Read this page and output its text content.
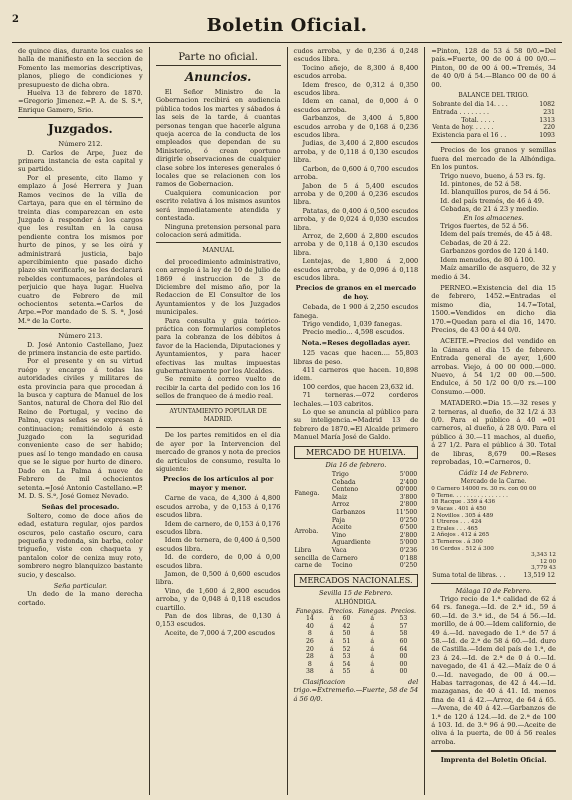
2	Boletin Oficial.

de quince dias, durante los cuales se halla de manifiesto en la seccion de Fomento las memorias descriptivas, planos, pliego de condiciones y presupuesto de dicha obra.

Huelva 13 de febrero de 1870. =Gregorio Jimenez.=P. A. de S. S.ª, Enrique Gamero, Srio.

Juzgados.
Número 212.

D. Carlos de Arpe, Juez de primera instancia de esta capital y su partido.

Por el presente, cito llamo y emplazo á José Herrera y Juan Ramos vecinos de la villa de Cartaya, para que en el término de treinta dias comparezcan en este Juzgado á responder á los cargos que les resultan en la causa pendiente contra los mismos por hurto de pinos, y se les oirá y administrará justicia, bajo apercibimiento que pasado dicho plazo sin verificarlo, se les declarará rebeldes contumaces, parándoles el perjuicio que haya lugar. Huelva cuatro de Febrero de mil ochocientos setenta.=Carlos de Arpe.=Por mandado de S. S. ª, José M.ª de la Corte.

Número 213.

D. José Antonio Castellano, Juez de primera instancia de este partido.

Por el presente y en su virtud ruégo y encargo á todas las autoridades civiles y militares de esta provincia para que procedan á la busca y captura de Manuel de los Santos, natural de Chora del Rio del Reino de Portugal, y vecino de Palma, cuyas señas se expresan á continuacion; remitiéndolo á este Juzgado con la seguridad conveniente caso de ser habido; pues así lo tengo mandado en causa que se le sigue por hurto de dinero. Dado en La Palma á nueve de Febrero de mil ochocientos setenta.=José Antonio Castellano.=P. M. D. S. S.ª, José Gomez Nevado.

Señas del procesado.

Soltero, como de doce años de edad, estatura regular, ojos pardos oscuros, pelo castaño oscuro, cara pequeña y redonda, sin barba, color trigueño, viste con chaqueta y pantalon color de ceniza muy roto, sombrero negro blanquizco bastante sucio, y descalso.

Seña particular.

Un dedo de la mano derecha cortado.

Parte no oficial.
Anuncios.

El Señor Ministro de la Gobernacion recibirá en audiencia pública todos los martes y sábados á las seis de la tarde, á cuantas personas tengan que hacerle alguna queja acerca de la conducta de los empleados que dependan de su Ministerio, ó crean oportuno dirigirle observaciones de cualquier clase sobre los intereses generales ó locales que se relacionen con los ramos de Gobernacion.

Cualquiera comunicacion por escrito relativa á los mismos asuntos será inmediatamente atendida y contestada.

Ninguna pretension personal para colocacion será admitida.

MANUAL

del procedimiento administrativo, con arreglo á la ley de 10 de Julio de 1869 é instruccion de 3 de Diciembre del mismo año, por la Redaccion de El Consultor de los Ayuntamientos y de los Juzgados municipales.

Para consulta y guia teórico-práctica con formularios completos para la cobranza de los débitos á favor de la Hacienda, Diputaciones y Ayuntamientos, y para hacer efectivas las multas impuestas gubernativamente por los Alcaldes.

Se remite á correo vuelto de recibir la carta del pedido con los 16 sellos de franqueo de á medio real.

AYUNTAMIENTO POPULAR DE
MADRID.

De los partes remitidos en el dia de ayer por la Intervencion del mercado de granos y nota de precios de artículos de consumo, resulta lo siguiente:

Precios de los artículos al por mayor y menor.

Carne de vaca, de 4,300 á 4,800 escudos arroba, y de 0,153 á 0,176 escudos libra.

Idem de carnero, de 0,153 á 0,176 escudos libra.

Idem de ternera, de 0,400 á 0,500 escudos libra.

Id. de cordero, de 0,00 á 0,00 escudos libra.

Jamon, de 0,500 á 0,600 escudos libra.

Vino, de 1,600 á 2,800 escudos arroba, y de 0,048 á 0,118 escudos cuartillo.

Pan de dos libras, de 0,130 á 0,153 escudos.

Aceite, de 7,000 á 7,200 escudos

cudos arroba, y de 0,236 á 0,248 escudos libra.

Tocino añejo, de 8,300 á 8,400 escudos arroba.

Idem fresco, de 0,312 á 0,350 escudos libra.

Idem en canal, de 0,000 á 0 escudos arroba.

Garbanzos, de 3,400 á 5,800 escudos arroba y de 0,168 á 0,236 escudos libra.

Judias, de 3,400 á 2,800 escudos arroba, y de 0,118 á 0,130 escudos libra.

Carbon, de 0,600 á 0,700 escudos arroba.

Jabon de 5 á 5,400 escudos arroba y de 0,200 á 0,236 escudos libra.

Patatas, de 0,400 á 0,500 escudos arroba, y de 0,024 á 0,030 escudos libra.

Arroz, de 2,600 á 2,800 escudos arroba y de 0,118 á 0,130 escudos libra.

Lentejas, de 1,800 á 2,000 escudos arroba, y de 0,096 á 0,118 escudos libra.

Precios de granos en el mercado de hoy.

Cebada, de 1 900 á 2,250 escudos fanega.

Trigo vendido, 1,039 fanegas.

Precio medio... 4,598 escudos.

Nota.=Reses degolladas ayer.

125 vacas que hacen.... 55,803 libras de peso.

411 carneros que hacen. 10,898 idem.

100 cerdos, que hacen 23,632 id.

71 terneras.—072 corderos lechales.—103 cabritos.

Lo que se anuncia al público para su inteligencia.=Madrid 13 de febrero de 1870.=El Alcalde primero Manuel María José de Galdo.

MERCADO DE HUELVA.
Dia 16 de febrero.
Fanega.	Trigo	5'000
	Cebada	2'400
	Centeno	00'000
	Maiz	3'800
	Arroz	2'800
	Garbanzos	11'500
Arroba.	Paja	0'250
	Aceite	6'500
	Vino	2'800
	Aguardiente	5'000
Libra sencilla de carne de	Vaca	0'236
	Carnero	0'188
	Tocino	0'250
MERCADOS NACIONALES.
Sevilla 15 de Febrero.
ALHÓNDIGA.
Fanegas.	Precios.		Fanegas.	Precios.
14	á	60	á	53
40	á	42	á	57
8	á	50	á	58
26	á	51	á	60
20	á	52	á	64
28	á	53	á	00
8	á	54	á	00
38	á	55	á	00

Clasificacion del trigo.=Extremeño.—Fuerte, 58 de 54 á 56 0/0.

=Pinton, 128 de 53 á 58 0/0.=Del país.=Fuerte, 00 de 00 á 00 0/0.—Pinton, 00 de 00 á 00.=Tremés, 34 de 40 0/0 á 54.—Blanco 00 de 00 á 00.

BALANCE DEL TRIGO.
Sobrante del dia 14. . . .	1082
Entrada . . . . . . . .	231
Total. . . . .	1313
Venta de hoy. . . . . .	220
Existencia para el 16 . .	1093

Precios de los granos y semillas fuera del mercado de la Alhóndiga. En los puntos.

Trigo nuevo, bueno, á 53 rs. fg.

Id. pintones, de 52 á 58.

Id. blanquillos puros, de 54 á 56.

Id. del país tremés, de 46 á 49.

Cebadas, de 21 á 23 y medio.

En los almacenes.

Trigos fuertes, de 52 á 56.

Idem del país tremés, de 45 á 48.

Cebadas, de 20 á 22.

Garbanzos gordos de 120 á 140.

Idem menudos, de 80 á 100.

Maíz amarillo de asquero, de 32 y medio á 34.

PERNEO.=Existencia del dia 15 de febrero, 1452.=Entradas el mismo dia, 14.7=Total, 1500.=Vendidos en dicho dia 170.=Quedan para el dia 16, 1470. Precios, de 43 00 á 44 0/0.

ACEITE.=Precios del vendido en la Cámara el dia 15 de febrero. Entrada general de ayer, 1,600 arrobas. Viejo, á 00 00 000.—000. Nuevo, á 54 1/2 00 00.—500. Endulce, á 50 1/2 00 0/0 rs.—100 Consumo.—000.

MATADERO.=Dia 15.—32 reses y 2 terneras, al dueño, de 32 1/2 á 33 0/0. Para el público á 40 =01 carneros, al dueño, á 28 0/0. Para el público á 30.—11 machos, al dueño, á 27 1/2. Para el público á 30. Total de libras, 8,679 00.=Reses reprobadas, 10.=Carneros, 0.

Cádiz 14 de Febrero.
Mercado de la Carne.
0 Carnero 14000 rs. 30 rs. con 00 00
0 Terne. . . . . . . . . . . . . . . .
18 Racque . 359 á 436
9 Vacas . 401 á 450
2 Novillos . 305 á 489
1 Utreros . . . 424
2 Erales . . . 465
2 Añojos . 412 á 265
3 Terneros . á 300
16 Cerdos . 512 á 300
3,343 12
12 00
3,779 43
Suma total de libras. . .	13,519 12
Málaga 10 de Febrero.

Trigo recio de 1.ª calidad de 62 á 64 rs. fanega.—Id. de 2.ª id., 59 á 60.—Id. de 3.ª id., de 54 á 56.—Id. morillo, de á 00.—Idem californio, de 49 á.—Id. navegado de 1.ª de 57 á 58.—Id. de 2.ª de 58 á 60.—Id. duro de Castilla.—Idem del país de 1.ª, de 23 á 24.—Id. de 2.ª de 0 á 0.—Id. navegado, de 41 á 42.—Maíz de 0 á 0.—Id. navegado, de 00 á 00.—Habas tarragonas, de 42 á 44.—Id. mazaganas, de 40 á 41. Id. menos fina de 41 á 42.—Arroz, de 64 á 65.—Avena, de 40 á 42.—Garbanzos de 1.ª de 120 á 124.—Id. de 2.ª de 100 á 103. Id. de 3.ª 96 á 90.—Aceite de oliva á la puerta, de 00 á 56 reales arroba.

Imprenta del Boletin Oficial.
